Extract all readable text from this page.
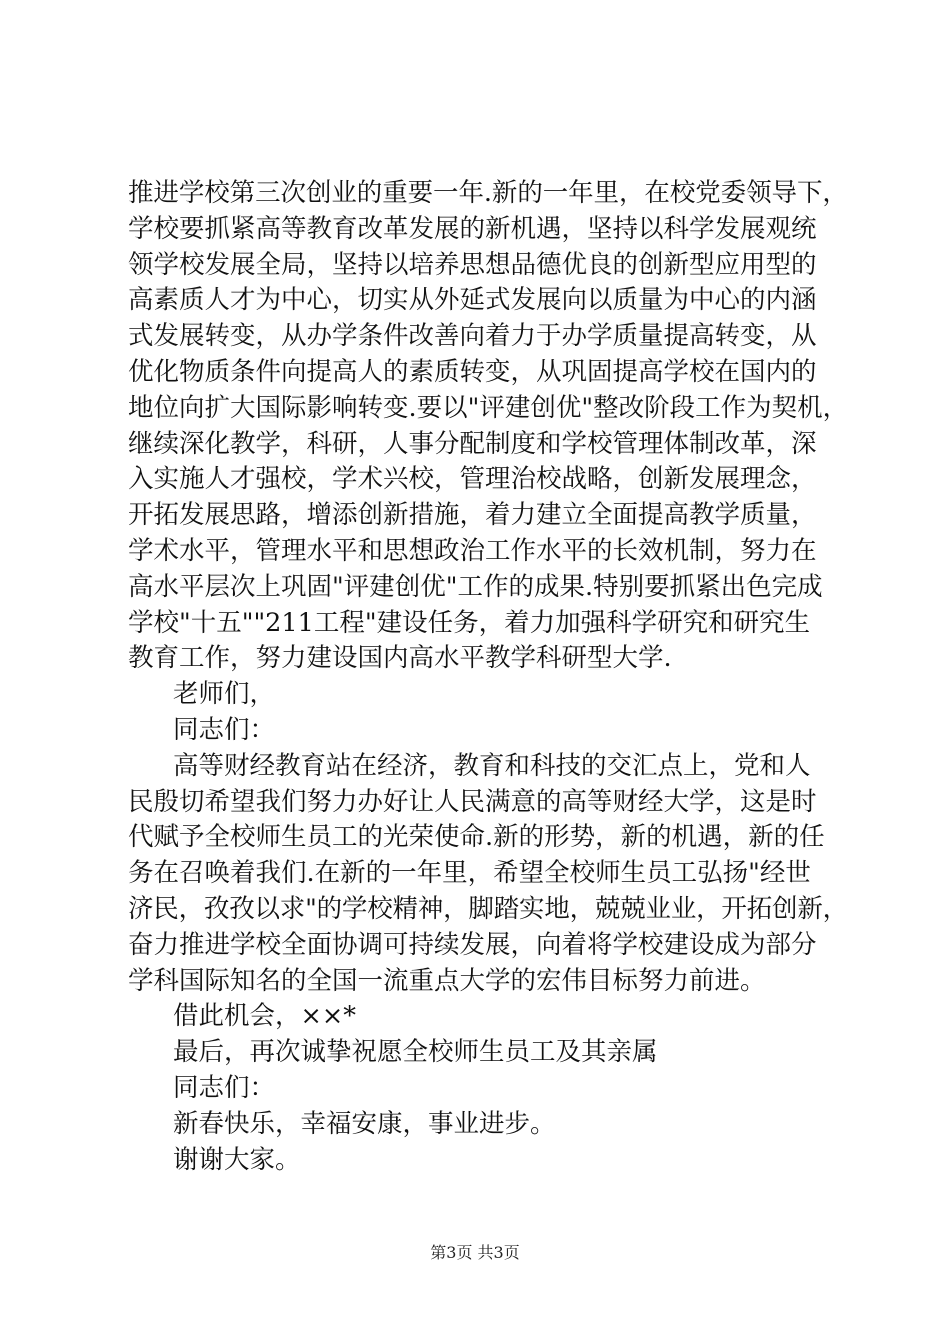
推进学校第三次创业的重要一年.新的一年里，在校党委领导下，
学校要抓紧高等教育改革发展的新机遇，坚持以科学发展观统
领学校发展全局，坚持以培养思想品德优良的创新型应用型的
高素质人才为中心，切实从外延式发展向以质量为中心的内涵
式发展转变，从办学条件改善向着力于办学质量提高转变，从
优化物质条件向提高人的素质转变，从巩固提高学校在国内的
地位向扩大国际影响转变.要以"评建创优"整改阶段工作为契机，
继续深化教学，科研，人事分配制度和学校管理体制改革，深
入实施人才强校，学术兴校，管理治校战略，创新发展理念，
开拓发展思路，增添创新措施，着力建立全面提高教学质量，
学术水平，管理水平和思想政治工作水平的长效机制，努力在
高水平层次上巩固"评建创优"工作的成果.特别要抓紧出色完成
学校"十五""211工程"建设任务，着力加强科学研究和研究生
教育工作，努力建设国内高水平教学科研型大学.
老师们，
同志们：
高等财经教育站在经济，教育和科技的交汇点上，党和人
民殷切希望我们努力办好让人民满意的高等财经大学，这是时
代赋予全校师生员工的光荣使命.新的形势，新的机遇，新的任
务在召唤着我们.在新的一年里，希望全校师生员工弘扬"经世
济民，孜孜以求"的学校精神，脚踏实地，兢兢业业，开拓创新，
奋力推进学校全面协调可持续发展，向着将学校建设成为部分
学科国际知名的全国一流重点大学的宏伟目标努力前进。
借此机会，××*
最后，再次诚挚祝愿全校师生员工及其亲属
同志们：
新春快乐，幸福安康，事业进步。
谢谢大家。
第3页 共3页
